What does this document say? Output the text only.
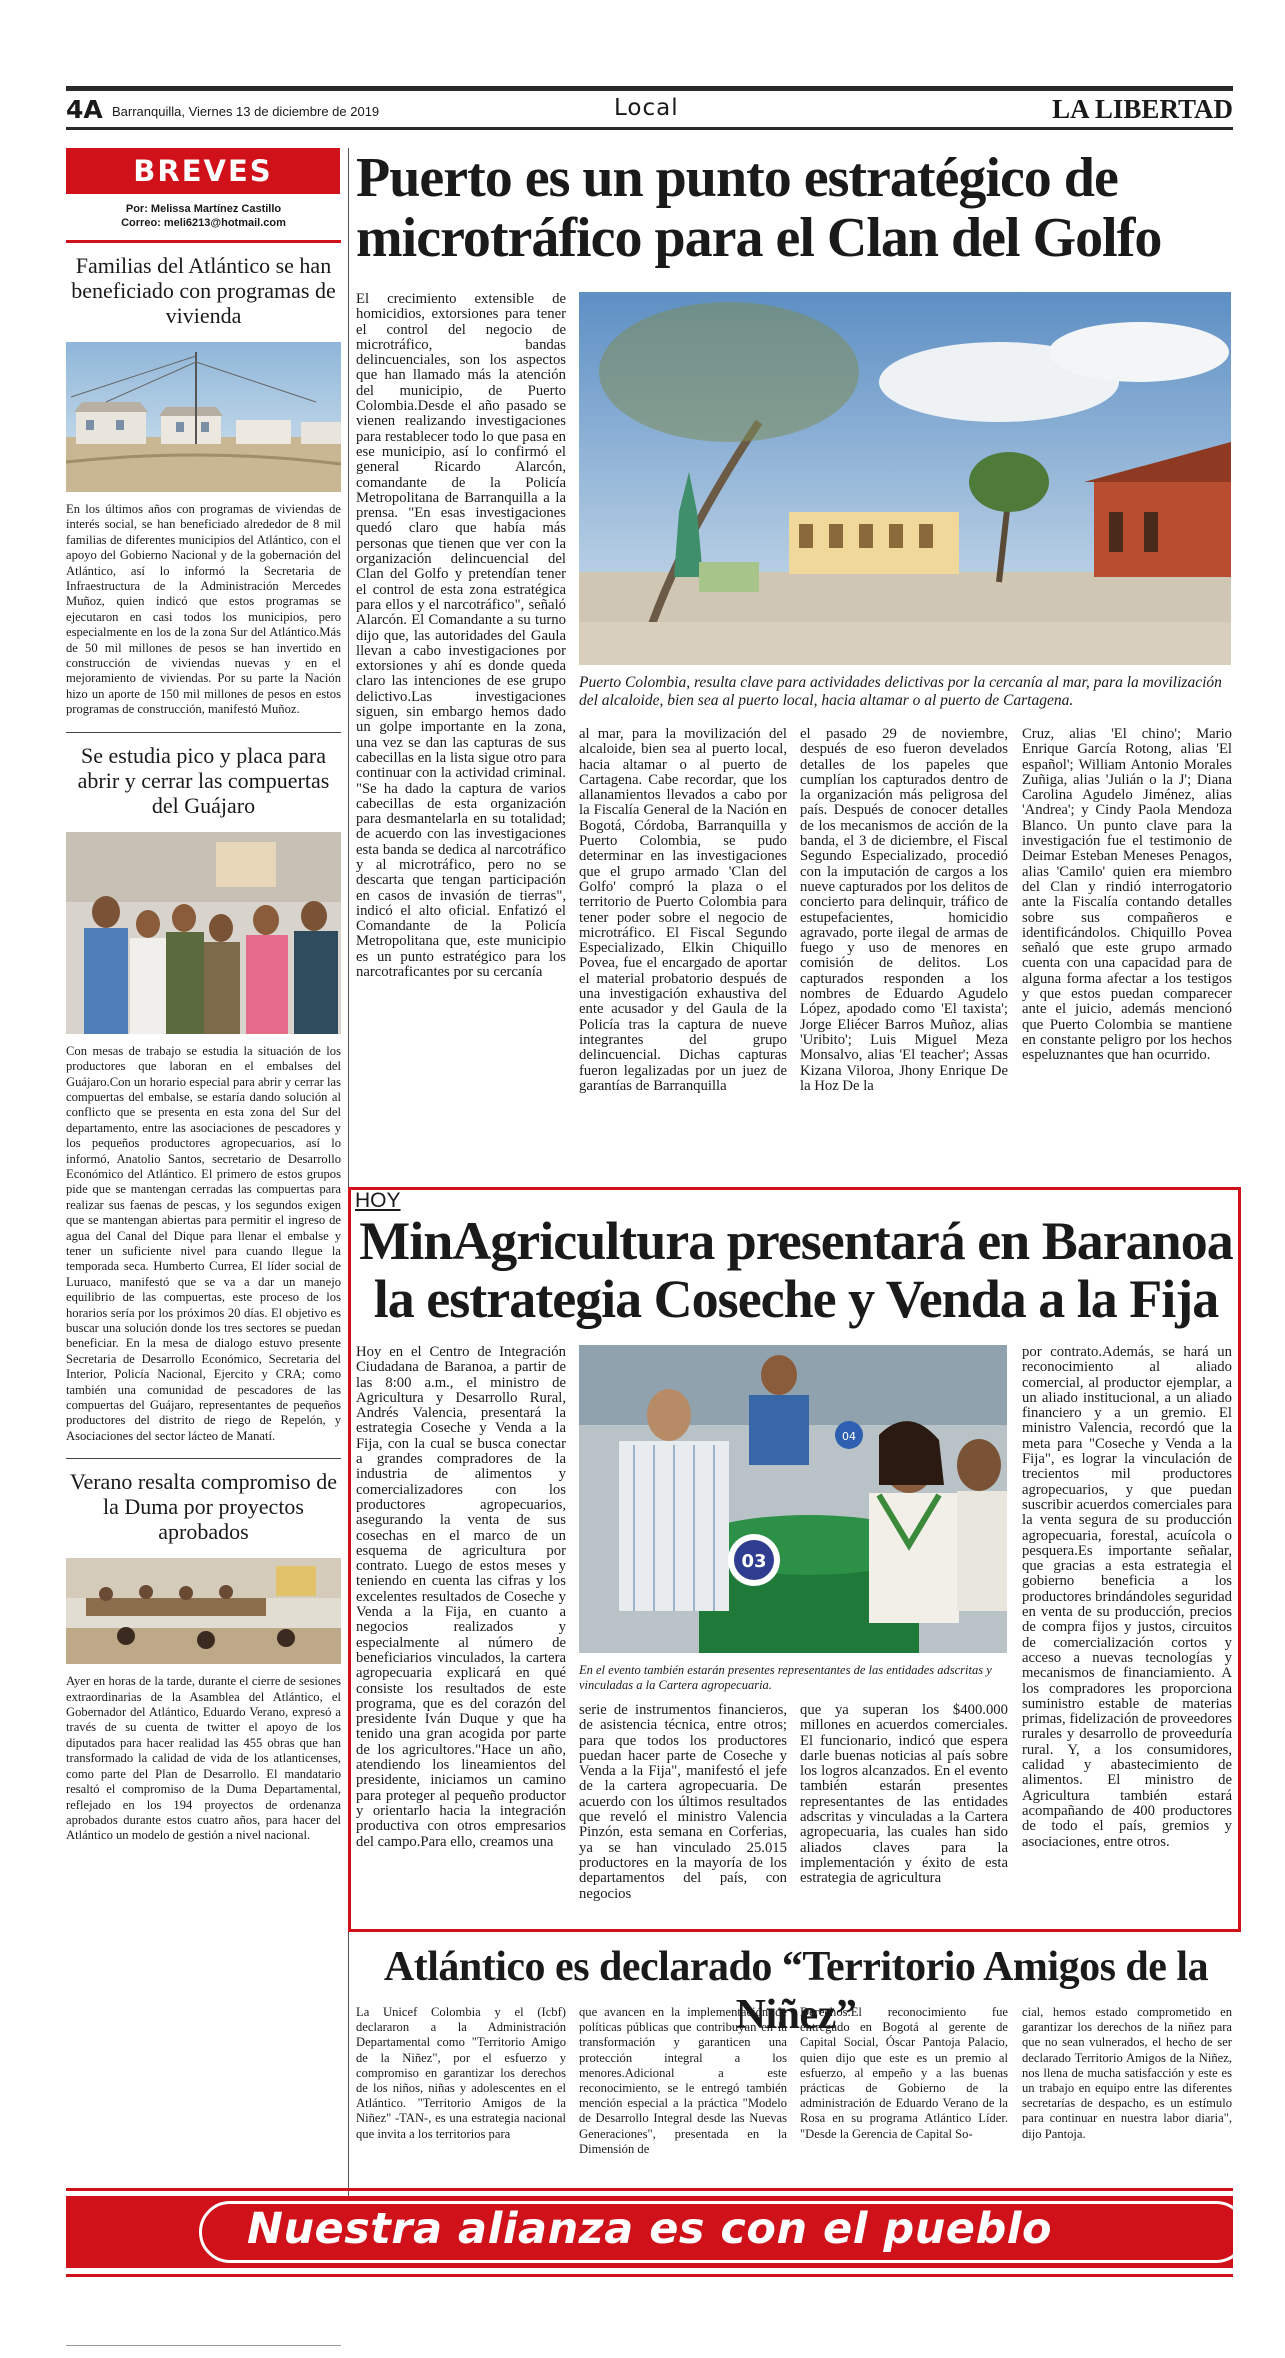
4A Barranquilla, Viernes 13 de diciembre de 2019	Local	LA LIBERTAD
BREVES
Por: Melissa Martínez Castillo
Correo: meli6213@hotmail.com
Familias del Atlántico se han beneficiado con programas de vivienda
En los últimos años con programas de viviendas de interés social, se han beneficiado alrededor de 8 mil familias de diferentes municipios del Atlántico, con el apoyo del Gobierno Nacional y de la gobernación del Atlántico, así lo informó la Secretaria de Infraestructura de la Administración Mercedes Muñoz, quien indicó que estos programas se ejecutaron en casi todos los municipios, pero especialmente en los de la zona Sur del Atlántico.Más de 50 mil millones de pesos se han invertido en construcción de viviendas nuevas y en el mejoramiento de viviendas. Por su parte la Nación hizo un aporte de 150 mil millones de pesos en estos programas de construcción, manifestó Muñoz.
Se estudia pico y placa para abrir y cerrar las compuertas del Guájaro
Con mesas de trabajo se estudia la situación de los productores que laboran en el embalses del Guájaro.Con un horario especial para abrir y cerrar las compuertas del embalse, se estaría dando solución al conflicto que se presenta en esta zona del Sur del departamento, entre las asociaciones de pescadores y los pequeños productores agropecuarios, así lo informó, Anatolio Santos, secretario de Desarrollo Económico del Atlántico. El primero de estos grupos pide que se mantengan cerradas las compuertas para realizar sus faenas de pescas, y los segundos exigen que se mantengan abiertas para permitir el ingreso de agua del Canal del Dique para llenar el embalse y tener un suficiente nivel para cuando llegue la temporada seca. Humberto Currea, El líder social de Luruaco, manifestó que se va a dar un manejo equilibrio de las compuertas, este proceso de los horarios sería por los próximos 20 días. El objetivo es buscar una solución donde los tres sectores se puedan beneficiar. En la mesa de dialogo estuvo presente Secretaria de Desarrollo Económico, Secretaria del Interior, Policía Nacional, Ejercito y CRA; como también una comunidad de pescadores de las compuertas del Guájaro, representantes de pequeños productores del distrito de riego de Repelón, y Asociaciones del sector lácteo de Manatí.
Verano resalta compromiso de la Duma por proyectos aprobados
Ayer en horas de la tarde, durante el cierre de sesiones extraordinarias de la Asamblea del Atlántico, el Gobernador del Atlántico, Eduardo Verano, expresó a través de su cuenta de twitter el apoyo de los diputados para hacer realidad las 455 obras que han transformado la calidad de vida de los atlanticenses, como parte del Plan de Desarrollo. El mandatario resaltó el compromiso de la Duma Departamental, reflejado en los 194 proyectos de ordenanza aprobados durante estos cuatro años, para hacer del Atlántico un modelo de gestión a nivel nacional.
Puerto es un punto estratégico de microtráfico para el Clan del Golfo
El crecimiento extensible de homicidios, extorsiones para tener el control del negocio de microtráfico, bandas delincuenciales, son los aspectos que han llamado más la atención del municipio, de Puerto Colombia.Desde el año pasado se vienen realizando investigaciones para restablecer todo lo que pasa en ese municipio, así lo confirmó el general Ricardo Alarcón, comandante de la Policía Metropolitana de Barranquilla a la prensa. "En esas investigaciones quedó claro que había más personas que tienen que ver con la organización delincuencial del Clan del Golfo y pretendían tener el control de esta zona estratégica para ellos y el narcotráfico", señaló Alarcón. El Comandante a su turno dijo que, las autoridades del Gaula llevan a cabo investigaciones por extorsiones y ahí es donde queda claro las intenciones de ese grupo delictivo.Las investigaciones siguen, sin embargo hemos dado un golpe importante en la zona, una vez se dan las capturas de sus cabecillas en la lista sigue otro para continuar con la actividad criminal. "Se ha dado la captura de varios cabecillas de esta organización para desmantelarla en su totalidad; de acuerdo con las investigaciones esta banda se dedica al narcotráfico y al microtráfico, pero no se descarta que tengan participación en casos de invasión de tierras", indicó el alto oficial. Enfatizó el Comandante de la Policía Metropolitana que, este municipio es un punto estratégico para los narcotraficantes por su cercanía
Puerto Colombia, resulta clave para actividades delictivas por la cercanía al mar, para la movilización del alcaloide, bien sea al puerto local, hacia altamar o al puerto de Cartagena.
al mar, para la movilización del alcaloide, bien sea al puerto local, hacia altamar o al puerto de Cartagena. Cabe recordar, que los allanamientos llevados a cabo por la Fiscalía General de la Nación en Bogotá, Córdoba, Barranquilla y Puerto Colombia, se pudo determinar en las investigaciones que el grupo armado 'Clan del Golfo' compró la plaza o el territorio de Puerto Colombia para tener poder sobre el negocio de microtráfico. El Fiscal Segundo Especializado, Elkin Chiquillo Povea, fue el encargado de aportar el material probatorio después de una investigación exhaustiva del ente acusador y del Gaula de la Policía tras la captura de nueve integrantes del grupo delincuencial. Dichas capturas fueron legalizadas por un juez de garantías de Barranquilla
el pasado 29 de noviembre, después de eso fueron develados detalles de los papeles que cumplían los capturados dentro de la organización más peligrosa del país. Después de conocer detalles de los mecanismos de acción de la banda, el 3 de diciembre, el Fiscal Segundo Especializado, procedió con la imputación de cargos a los nueve capturados por los delitos de concierto para delinquir, tráfico de estupefacientes, homicidio agravado, porte ilegal de armas de fuego y uso de menores en comisión de delitos. Los capturados responden a los nombres de Eduardo Agudelo López, apodado como 'El taxista'; Jorge Eliécer Barros Muñoz, alias 'Uribito'; Luis Miguel Meza Monsalvo, alias 'El teacher'; Assas Kizana Viloroa, Jhony Enrique De la Hoz De la
Cruz, alias 'El chino'; Mario Enrique García Rotong, alias 'El español'; William Antonio Morales Zuñiga, alias 'Julián o la J'; Diana Carolina Agudelo Jiménez, alias 'Andrea'; y Cindy Paola Mendoza Blanco. Un punto clave para la investigación fue el testimonio de Deimar Esteban Meneses Penagos, alias 'Camilo' quien era miembro del Clan y rindió interrogatorio ante la Fiscalía contando detalles sobre sus compañeros e identificándolos. Chiquillo Povea señaló que este grupo armado cuenta con una capacidad para de alguna forma afectar a los testigos y que estos puedan comparecer ante el juicio, además mencionó que Puerto Colombia se mantiene en constante peligro por los hechos espeluznantes que han ocurrido.
HOY
MinAgricultura presentará en Baranoa la estrategia Coseche y Venda a la Fija
Hoy en el Centro de Integración Ciudadana de Baranoa, a partir de las 8:00 a.m., el ministro de Agricultura y Desarrollo Rural, Andrés Valencia, presentará la estrategia Coseche y Venda a la Fija, con la cual se busca conectar a grandes compradores de la industria de alimentos y comercializadores con los productores agropecuarios, asegurando la venta de sus cosechas en el marco de un esquema de agricultura por contrato. Luego de estos meses y teniendo en cuenta las cifras y los excelentes resultados de Coseche y Venda a la Fija, en cuanto a negocios realizados y especialmente al número de beneficiarios vinculados, la cartera agropecuaria explicará en qué consiste los resultados de este programa, que es del corazón del presidente Iván Duque y que ha tenido una gran acogida por parte de los agricultores."Hace un año, atendiendo los lineamientos del presidente, iniciamos un camino para proteger al pequeño productor y orientarlo hacia la integración productiva con otros empresarios del campo.Para ello, creamos una
03
04
En el evento también estarán presentes representantes de las entidades adscritas y vinculadas a la Cartera agropecuaria.
serie de instrumentos financieros, de asistencia técnica, entre otros; para que todos los productores puedan hacer parte de Coseche y Venda a la Fija", manifestó el jefe de la cartera agropecuaria. De acuerdo con los últimos resultados que reveló el ministro Valencia Pinzón, esta semana en Corferias, ya se han vinculado 25.015 productores en la mayoría de los departamentos del país, con negocios
que ya superan los $400.000 millones en acuerdos comerciales. El funcionario, indicó que espera darle buenas noticias al país sobre los logros alcanzados. En el evento también estarán presentes representantes de las entidades adscritas y vinculadas a la Cartera agropecuaria, las cuales han sido aliados claves para la implementación y éxito de esta estrategia de agricultura
por contrato.Además, se hará un reconocimiento al aliado comercial, al productor ejemplar, a un aliado institucional, a un aliado financiero y a un gremio. El ministro Valencia, recordó que la meta para "Coseche y Venda a la Fija", es lograr la vinculación de trecientos mil productores agropecuarios, y que puedan suscribir acuerdos comerciales para la venta segura de su producción agropecuaria, forestal, acuícola o pesquera.Es importante señalar, que gracias a esta estrategia el gobierno beneficia a los productores brindándoles seguridad en venta de su producción, precios de compra fijos y justos, circuitos de comercialización cortos y acceso a nuevas tecnologías y mecanismos de financiamiento. A los compradores les proporciona suministro estable de materias primas, fidelización de proveedores rurales y desarrollo de proveeduría rural. Y, a los consumidores, calidad y abastecimiento de alimentos. El ministro de Agricultura también estará acompañando de 400 productores de todo el país, gremios y asociaciones, entre otros.
Atlántico es declarado “Territorio Amigos de la Niñez”
La Unicef Colombia y el (Icbf) declararon a la Administración Departamental como "Territorio Amigo de la Niñez", por el esfuerzo y compromiso en garantizar los derechos de los niños, niñas y adolescentes en el Atlántico. "Territorio Amigos de la Niñez" -TAN-, es una estrategia nacional que invita a los territorios para
que avancen en la implementación de políticas públicas que contribuyan en la transformación y garanticen una protección integral a los menores.Adicional a este reconocimiento, se le entregó también mención especial a la práctica "Modelo de Desarrollo Integral desde las Nuevas Generaciones", presentada en la Dimensión de
Derechos.El reconocimiento fue entregado en Bogotá al gerente de Capital Social, Óscar Pantoja Palacio, quien dijo que este es un premio al esfuerzo, al empeño y a las buenas prácticas de Gobierno de la administración de Eduardo Verano de la Rosa en su programa Atlántico Líder. "Desde la Gerencia de Capital So-
cial, hemos estado comprometido en garantizar los derechos de la niñez para que no sean vulnerados, el hecho de ser declarado Territorio Amigos de la Niñez, nos llena de mucha satisfacción y este es un trabajo en equipo entre las diferentes secretarías de despacho, es un estímulo para continuar en nuestra labor diaria", dijo Pantoja.
Nuestra alianza es con el pueblo
